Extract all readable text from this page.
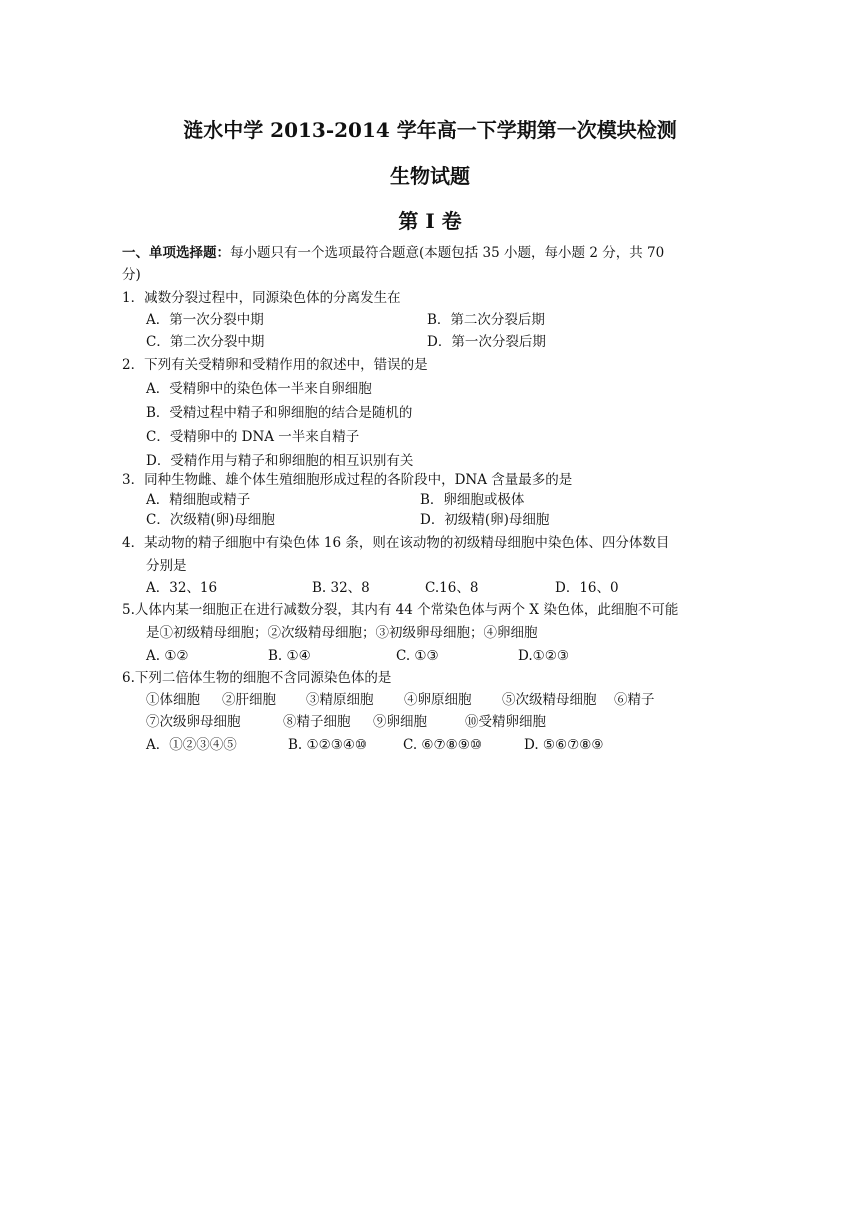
涟水中学 2013-2014 学年高一下学期第一次模块检测
生物试题
第 I 卷
一、单项选择题：每小题只有一个选项最符合题意(本题包括 35 小题，每小题 2 分，共 70
分)
1．减数分裂过程中，同源染色体的分离发生在
A．第一次分裂中期	B．第二次分裂后期
C．第二次分裂中期	D．第一次分裂后期
2．下列有关受精卵和受精作用的叙述中，错误的是
A．受精卵中的染色体一半来自卵细胞
B．受精过程中精子和卵细胞的结合是随机的
C．受精卵中的 DNA 一半来自精子
D．受精作用与精子和卵细胞的相互识别有关
3．同种生物雌、雄个体生殖细胞形成过程的各阶段中，DNA 含量最多的是
A．精细胞或精子	B．卵细胞或极体
C．次级精(卵)母细胞	D．初级精(卵)母细胞
4．某动物的精子细胞中有染色体 16 条，则在该动物的初级精母细胞中染色体、四分体数目
分别是
A．32、16	B. 32、8	C.16、8	D．16、0
5.人体内某一细胞正在进行减数分裂，其内有 44 个常染色体与两个 X 染色体，此细胞不可能
是①初级精母细胞；②次级精母细胞；③初级卵母细胞；④卵细胞
A. ①②	B. ①④	C. ①③	D.①②③
6.下列二倍体生物的细胞不含同源染色体的是
①体细胞 ②肝细胞 ③精原细胞 ④卵原细胞 ⑤次级精母细胞 ⑥精子
⑦次级卵母细胞	⑧精子细胞 ⑨卵细胞	⑩受精卵细胞
A．①②③④⑤	B. ①②③④⑩	C. ⑥⑦⑧⑨⑩	D. ⑤⑥⑦⑧⑨
